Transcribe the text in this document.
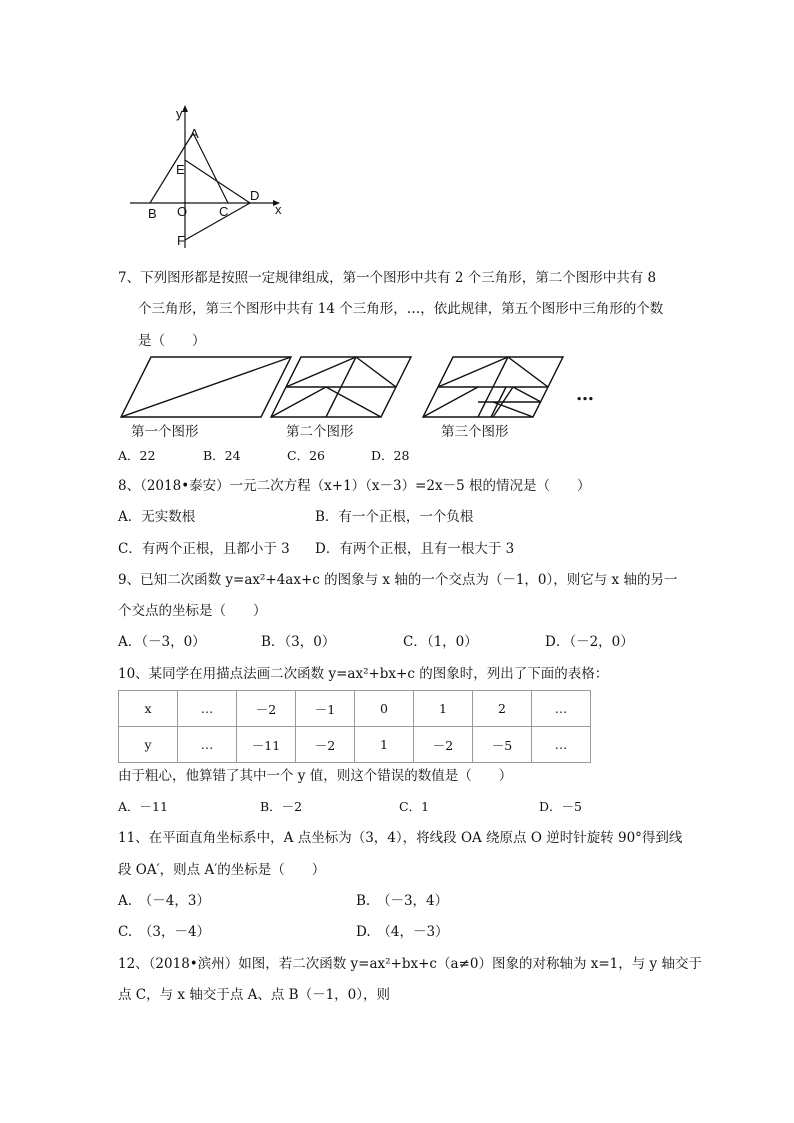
y
x
A
E
D
B O C
F
7、下列图形都是按照一定规律组成，第一个图形中共有 2 个三角形，第二个图形中共有 8
个三角形，第三个图形中共有 14 个三角形，…，依此规律，第五个图形中三角形的个数
是（　　）
…
第一个图形	第二个图形	第三个图形
A．22	B．24	C．26	D．28
8、（2018•泰安）一元二次方程（x+1）（x－3）=2x－5 根的情况是（　　）
A．无实数根	B．有一个正根，一个负根
C．有两个正根，且都小于 3 D．有两个正根，且有一根大于 3
9、已知二次函数 y=ax²+4ax+c 的图象与 x 轴的一个交点为（－1，0），则它与 x 轴的另一
个交点的坐标是（　　）
A．（－3，0）	B．（3，0）	C．（1，0）	D．（－2，0）
10、某同学在用描点法画二次函数 y=ax²+bx+c 的图象时，列出了下面的表格：
x	…	－2	－1	0	1	2	…
y	…	－11	－2	1	－2	－5	…
由于粗心，他算错了其中一个 y 值，则这个错误的数值是（　　）
A．－11	B．－2	C．1	D．－5
11、在平面直角坐标系中，A 点坐标为（3，4），将线段 OA 绕原点 O 逆时针旋转 90°得到线
段 OA′，则点 A′的坐标是（　　）
A.　（－4，3）	B.　（－3，4）
C.　（3，－4）	D.　（4，－3）
12、（2018•滨州）如图，若二次函数 y=ax²+bx+c（a≠0）图象的对称轴为 x=1，与 y 轴交于
点 C，与 x 轴交于点 A、点 B（－1，0），则
